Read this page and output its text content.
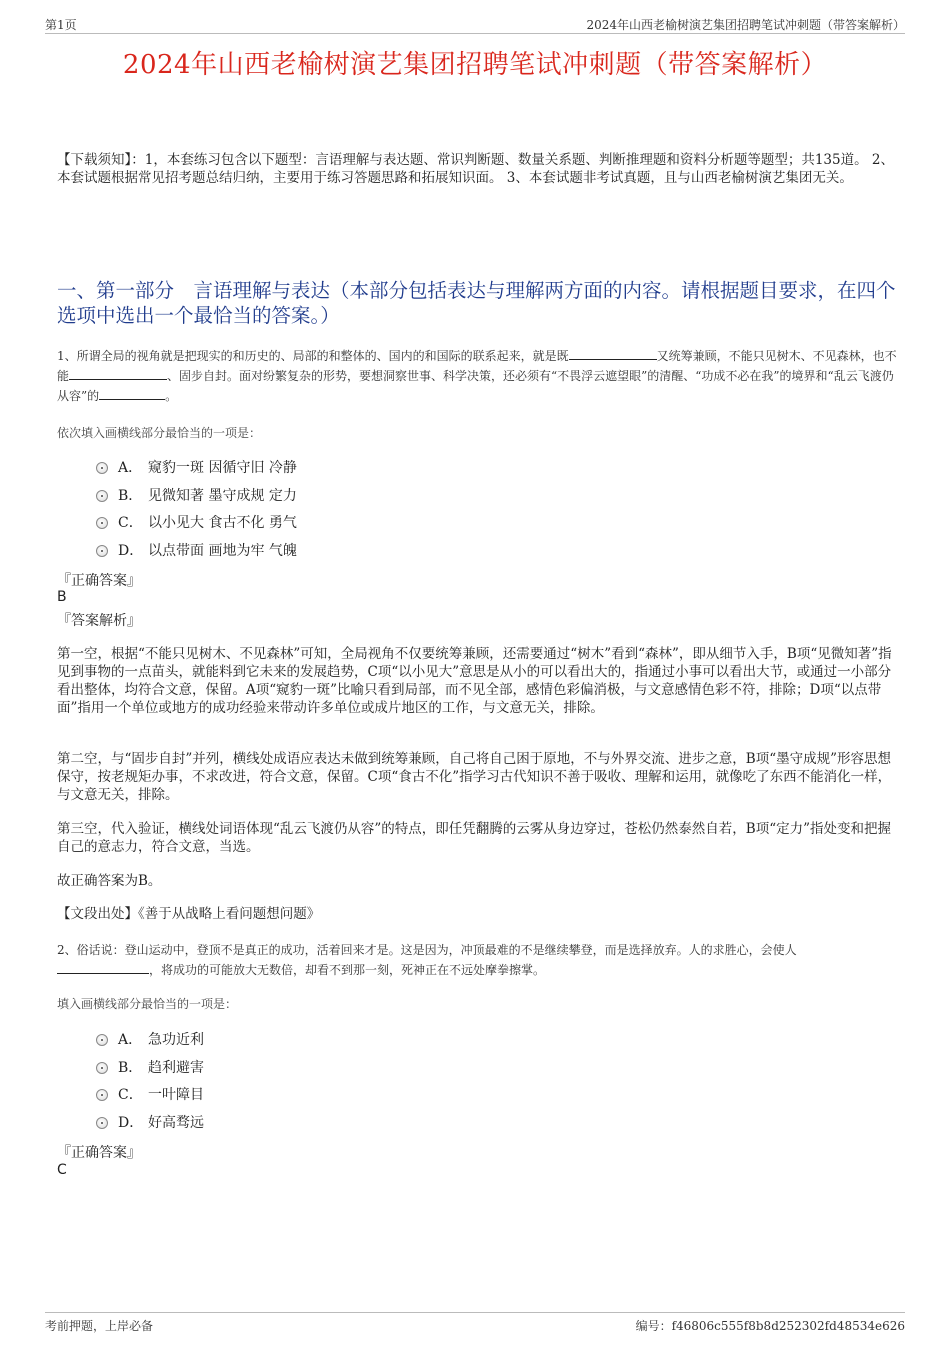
第1页	2024年山西老榆树演艺集团招聘笔试冲刺题（带答案解析）
2024年山西老榆树演艺集团招聘笔试冲刺题（带答案解析）
【下载须知】：1，本套练习包含以下题型：言语理解与表达题、常识判断题、数量关系题、判断推理题和资料分析题等题型；共135道。 2、本套试题根据常见招考题总结归纳，主要用于练习答题思路和拓展知识面。 3、本套试题非考试真题，且与山西老榆树演艺集团无关。
一、第一部分　言语理解与表达（本部分包括表达与理解两方面的内容。请根据题目要求，在四个选项中选出一个最恰当的答案。）
1、所谓全局的视角就是把现实的和历史的、局部的和整体的、国内的和国际的联系起来，就是既	又统筹兼顾，不能只见树木、不见森林，也不能	、固步自封。面对纷繁复杂的形势，要想洞察世事、科学决策，还必须有“不畏浮云遮望眼”的清醒、“功成不必在我”的境界和“乱云飞渡仍从容”的	。
依次填入画横线部分最恰当的一项是：
A． 窥豹一斑 因循守旧 冷静
B． 见微知著 墨守成规 定力
C． 以小见大 食古不化 勇气
D． 以点带面 画地为牢 气魄
『正确答案』
B
『答案解析』
第一空，根据“不能只见树木、不见森林”可知，全局视角不仅要统筹兼顾，还需要通过“树木”看到“森林”，即从细节入手，B项“见微知著”指见到事物的一点苗头，就能料到它未来的发展趋势，C项“以小见大”意思是从小的可以看出大的，指通过小事可以看出大节，或通过一小部分看出整体，均符合文意，保留。A项“窥豹一斑”比喻只看到局部，而不见全部，感情色彩偏消极，与文意感情色彩不符，排除；D项“以点带面”指用一个单位或地方的成功经验来带动许多单位或成片地区的工作，与文意无关，排除。
第二空，与“固步自封”并列，横线处成语应表达未做到统筹兼顾，自己将自己困于原地，不与外界交流、进步之意，B项“墨守成规”形容思想保守，按老规矩办事，不求改进，符合文意，保留。C项“食古不化”指学习古代知识不善于吸收、理解和运用，就像吃了东西不能消化一样，与文意无关，排除。
第三空，代入验证，横线处词语体现“乱云飞渡仍从容”的特点，即任凭翻腾的云雾从身边穿过，苍松仍然泰然自若，B项“定力”指处变和把握自己的意志力，符合文意，当选。
故正确答案为B。
【文段出处】《善于从战略上看问题想问题》
2、俗话说：登山运动中，登顶不是真正的成功，活着回来才是。这是因为，冲顶最难的不是继续攀登，而是选择放弃。人的求胜心，会使人
，将成功的可能放大无数倍，却看不到那一刻，死神正在不远处摩拳擦掌。
填入画横线部分最恰当的一项是：
A． 急功近利
B． 趋利避害
C． 一叶障目
D． 好高骛远
『正确答案』
C
考前押题，上岸必备	编号：f46806c555f8b8d252302fd48534e626
